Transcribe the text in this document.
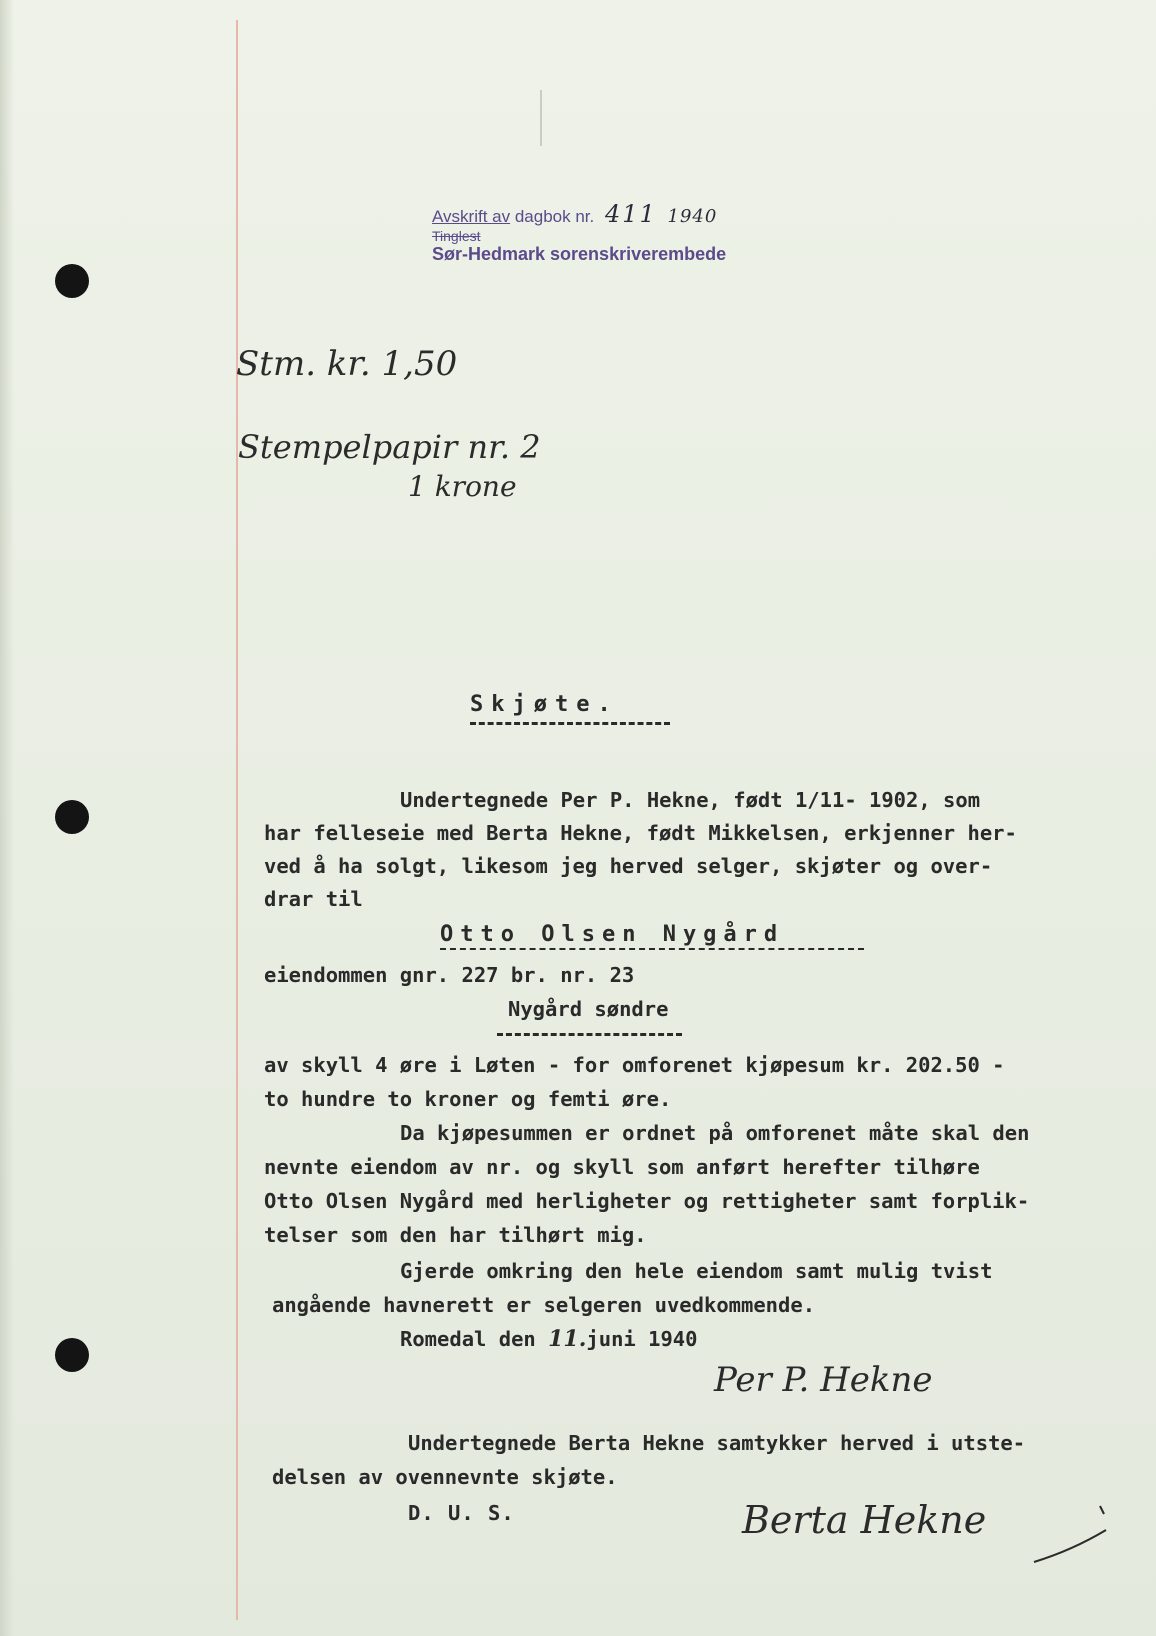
Avskrift av dagbok nr. 411 1940
Tinglest
Sør-Hedmark sorenskriverembede
Stm. kr. 1,50
Stempelpapir nr. 2
1 krone
Skjøte.
Undertegnede Per P. Hekne, født 1/11- 1902, som
har felleseie med Berta Hekne, født Mikkelsen, erkjenner her-
ved å ha solgt, likesom jeg herved selger, skjøter og over-
drar til
Otto Olsen Nygård
eiendommen gnr. 227 br. nr. 23
Nygård søndre
av skyll 4 øre i Løten - for omforenet kjøpesum kr. 202.50 -
to hundre to kroner og femti øre.
Da kjøpesummen er ordnet på omforenet måte skal den
nevnte eiendom av nr. og skyll som anført herefter tilhøre
Otto Olsen Nygård med herligheter og rettigheter samt forplik-
telser som den har tilhørt mig.
Gjerde omkring den hele eiendom samt mulig tvist
angående havnerett er selgeren uvedkommende.
Romedal den 11.juni 1940
Per P. Hekne
Undertegnede Berta Hekne samtykker herved i utste-
delsen av ovennevnte skjøte.
D. U. S.	Berta Hekne
